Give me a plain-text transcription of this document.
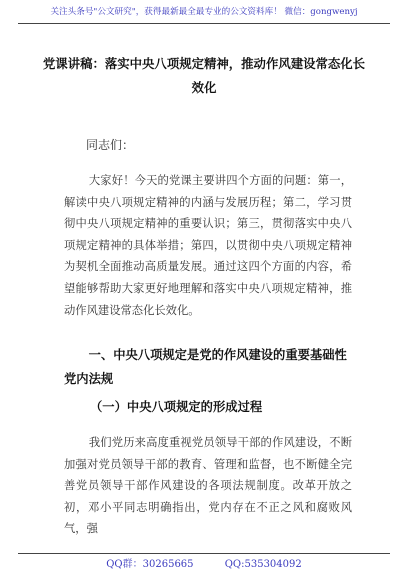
关注头条号"公文研究"，获得最新最全最专业的公文资料库！ 微信：gongwenyj
党课讲稿：落实中央八项规定精神，推动作风建设常态化长效化
同志们：

大家好！今天的党课主要讲四个方面的问题：第一，解读中央八项规定精神的内涵与发展历程；第二，学习贯彻中央八项规定精神的重要认识；第三，贯彻落实中央八项规定精神的具体举措；第四，以贯彻中央八项规定精神为契机全面推动高质量发展。通过这四个方面的内容，希望能够帮助大家更好地理解和落实中央八项规定精神，推动作风建设常态化长效化。

一、中央八项规定是党的作风建设的重要基础性党内法规

（一）中央八项规定的形成过程

我们党历来高度重视党员领导干部的作风建设，不断加强对党员领导干部的教育、管理和监督，也不断健全完善党员领导干部作风建设的各项法规制度。改革开放之初，邓小平同志明确指出，党内存在不正之风和腐败风气，强

QQ群：30265665	QQ:535304092
